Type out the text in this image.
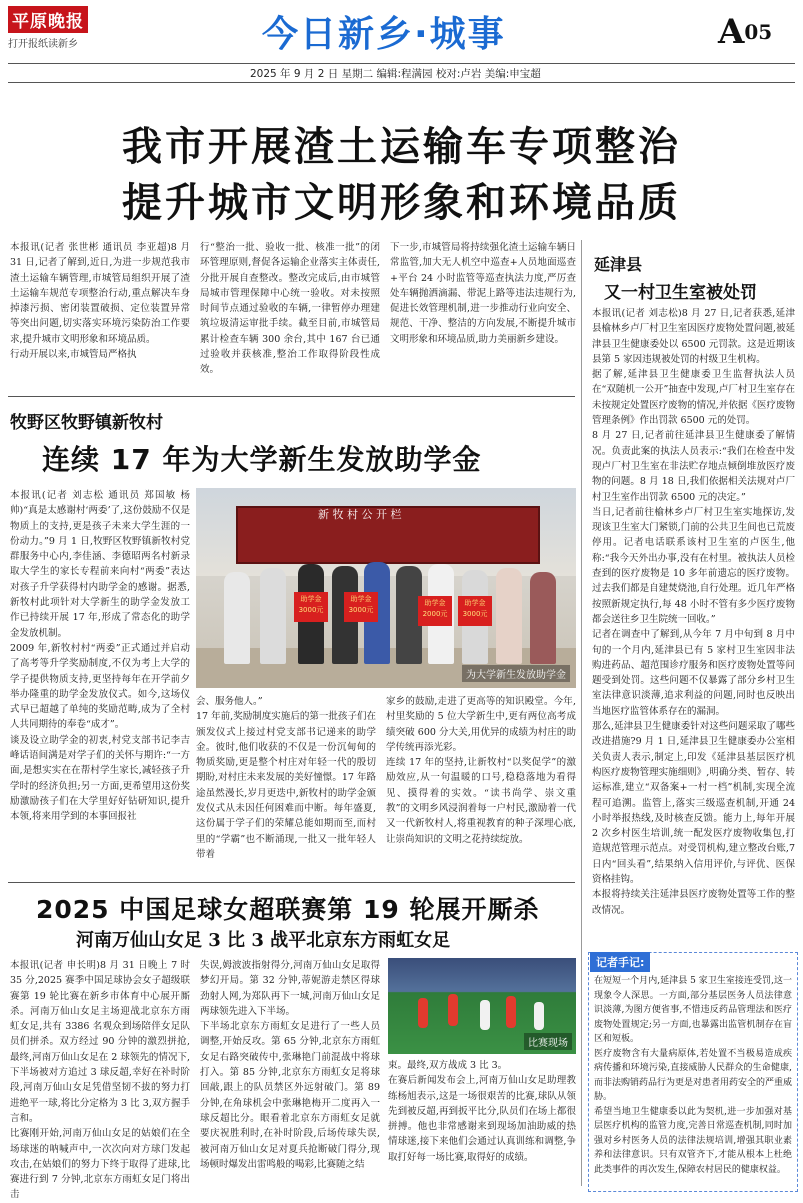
平原晚报
打开报纸读新乡	今日新乡·城事	A05
2025 年 9 月 2 日 星期二 编辑:程满园 校对:卢岩 美编:申宝超
我市开展渣土运输车专项整治
提升城市文明形象和环境品质
本报讯(记者 张世彬 通讯员 李亚超)8 月 31 日,记者了解到,近日,为进一步规范我市渣土运输车辆管理,市城管局组织开展了渣土运输车规范专项整治行动,重点解决车身掉漆污损、密闭装置破损、定位装置异常等突出问题,切实落实环境污染防治工作要求,提升城市文明形象和环境品质。
行动开展以来,市城管局严格执
行“整治一批、验收一批、核准一批”的闭环管理原则,督促各运输企业落实主体责任,分批开展自查整改。整改完成后,由市城管局城市管理保障中心统一验收。对未按照时间节点通过验收的车辆,一律暂停办理建筑垃圾清运审批手续。截至目前,市城管局累计检查车辆 300 余台,其中 167 台已通过验收并获核准,整治工作取得阶段性成效。
下一步,市城管局将持续强化渣土运输车辆日常监管,加大无人机空中巡查+人员地面巡查+平台 24 小时监管等巡查执法力度,严厉查处车辆抛洒滴漏、带泥上路等违法违规行为,促进长效管理机制,进一步推动行业向安全、规范、干净、整洁的方向发展,不断提升城市文明形象和环境品质,助力美丽新乡建设。
牧野区牧野镇新牧村
连续 17 年为大学新生发放助学金
本报讯(记者 刘志松 通讯员 郑国敏 杨帅)“真是太感谢村‘两委’了,这份鼓励不仅是物质上的支持,更是孩子未来大学生涯的一份动力。”9 月 1 日,牧野区牧野镇新牧村党群服务中心内,李佳涵、李德昭两名村新录取大学生的家长专程前来向村“两委”表达对孩子升学获得村内助学金的感谢。据悉,新牧村此项针对大学新生的助学金发放工作已持续开展 17 年,形成了常态化的助学金发放机制。
2009 年,新牧村村“两委”正式通过并启动了高考等升学奖励制度,不仅为考上大学的学子提供物质支持,更坚持每年在开学前夕举办隆重的助学金发放仪式。如今,这场仪式早已超越了单纯的奖励范畴,成为了全村人共同期待的奉卷“成才”。
谈及设立助学金的初衷,村党支部书记李吉峰话语间满是对学子们的关怀与期许:“一方面,是想实实在在帮村学生家长,减轻孩子升学时的经济负担;另一方面,更希望用这份奖励激励孩子们在大学里好好钻研知识,提升本领,将来用学到的本事回报社
新 牧 村 公 开 栏
助学金
3000元
助学金
3000元
助学金
2000元
助学金
3000元
为大学新生发放助学金
会、服务他人。”
17 年前,奖励制度实施后的第一批孩子们在颁发仪式上接过村党支部书记递来的助学金。彼时,他们收获的不仅是一份沉甸甸的物质奖励,更是整个村庄对年轻一代的殷切期盼,对村庄未来发展的美好憧憬。17 年路途虽然漫长,岁月更迭中,新牧村的助学金颁发仪式从未因任何困难而中断。每年盛夏,这份属于学子们的荣耀总能如期而至,而村里的“学霸”也不断涌现,一批又一批年轻人带着
家乡的鼓励,走进了更高等的知识殿堂。今年,村里奖励的 5 位大学新生中,更有两位高考成绩突破 600 分大关,用优异的成绩为村庄的助学传统再添光彩。
连续 17 年的坚持,让新牧村“以奖促学”的激励效应,从一句温暖的口号,稳稳落地为看得见、摸得着的实效。“读书尚学、崇文重教”的文明乡风浸润着每一户村民,激励着一代又一代新牧村人,将重视教育的种子深埋心底,让崇尚知识的文明之花持续绽放。
2025 中国足球女超联赛第 19 轮展开厮杀
河南万仙山女足 3 比 3 战平北京东方雨虹女足
本报讯(记者 申长明)8 月 31 日晚上 7 时 35 分,2025 赛季中国足球协会女子超级联赛第 19 轮比赛在新乡市体育中心展开厮杀。河南万仙山女足主场迎战北京东方雨虹女足,共有 3386 名观众到场陪伴女足队员们拼杀。双方经过 90 分钟的激烈拼抢,最终,河南万仙山女足在 2 球领先的情况下,下半场被对方追过 3 球反超,幸好在补时阶段,河南万仙山女足凭借坚韧不拔的努力打进绝平一球,将比分定格为 3 比 3,双方握手言和。
比赛刚开始,河南万仙山女足的姑娘们在全场球迷的呐喊声中,一次次向对方球门发起攻击,在姑娘们的努力下终于取得了进球,比赛进行到 7 分钟,北京东方雨虹女足门将出击
失误,姆波波指射得分,河南万仙山女足取得梦幻开局。第 32 分钟,蒂妮游走禁区得球劲射人网,为郑队再下一城,河南万仙山女足两球领先进入下半场。
下半场北京东方雨虹女足进行了一些人员调整,开始反攻。第 65 分钟,北京东方雨虹女足右路突破传中,张琳艳门前混战中将球打入。第 85 分钟,北京东方雨虹女足将球回敲,跟上的队员禁区外远射破门。第 89 分钟,在角球机会中张琳艳梅开二度再入一球反超比分。眼看着北京东方雨虹女足就要庆祝胜利时,在补时阶段,后场传球失误,被河南万仙山女足对夏兵抢断破门得分,现场顿时爆发出雷鸣般的喝彩,比赛随之结
比赛现场
束。最终,双方战成 3 比 3。
在赛后新闻发布会上,河南万仙山女足助理教练杨旭表示,这是一场很艰苦的比赛,球队从领先到被反超,再到扳平比分,队员们在场上都很拼搏。他也非常感谢来到现场加油助威的热情球迷,接下来他们会通过认真训练和调整,争取打好每一场比赛,取得好的成绩。
延津县
又一村卫生室被处罚
本报讯(记者 刘志松)8 月 27 日,记者获悉,延津县榆林乡卢厂村卫生室因医疗废物处置问题,被延津县卫生健康委处以 6500 元罚款。这是近期该县第 5 家因违规被处罚的村级卫生机构。
据了解,延津县卫生健康委卫生监督执法人员在“双随机一公开”抽查中发现,卢厂村卫生室存在未按规定处置医疗废物的情况,并依据《医疗废物管理条例》作出罚款 6500 元的处罚。
8 月 27 日,记者前往延津县卫生健康委了解情况。负责此案的执法人员表示:“我们在检查中发现卢厂村卫生室在非法贮存地点倾倒堆放医疗废物的问题。8 月 18 日,我们依据相关法规对卢厂村卫生室作出罚款 6500 元的决定。”
当日,记者前往榆林乡卢厂村卫生室实地探访,发现该卫生室大门紧锁,门前的公共卫生间也已荒废停用。记者电话联系该村卫生室的卢医生,他称:“我今天外出办事,没有在村里。被执法人员检查到的医疗废物是 10 多年前遗忘的医疗废物。过去我们都是自建焚烧池,自行处理。近几年严格按照新规定执行,每 48 小时不管有多少医疗废物都会送往乡卫生院统一回收。”
记者在调查中了解到,从今年 7 月中旬到 8 月中旬的一个月内,延津县已有 5 家村卫生室因非法购进药品、超范围诊疗服务和医疗废物处置等问题受到处罚。这些问题不仅暴露了部分乡村卫生室法律意识淡薄,追求利益的问题,同时也反映出当地医疗监管体系存在的漏洞。
那么,延津县卫生健康委针对这些问题采取了哪些改进措施?9 月 1 日,延津县卫生健康委办公室相关负责人表示,制定上,印发《延津县基层医疗机构医疗废物管理实施细则》,明确分类、暂存、转运标准,建立“双备案+一村一档”机制,实现全流程可追溯。监管上,落实三级巡查机制,开通 24 小时举报热线,及时核查反馈。能力上,每年开展 2 次乡村医生培训,统一配发医疗废物收集包,打造规范管理示范点。对受罚机构,建立整改台账,7 日内“回头看”,结果纳入信用评价,与评优、医保资格挂钩。
本报将持续关注延津县医疗废物处置等工作的整改情况。
记者手记:
在短短一个月内,延津县 5 家卫生室接连受罚,这一现象令人深思。一方面,部分基层医务人员法律意识淡薄,为图方便省事,不惜违反药品管理法和医疗废物处置规定;另一方面,也暴露出监管机制存在盲区和短板。
医疗废物含有大量病原体,若处置不当极易造成疾病传播和环境污染,直接威胁人民群众的生命健康,而非法购销药品行为更是对患者用药安全的严重威胁。
希望当地卫生健康委以此为契机,进一步加强对基层医疗机构的监管力度,完善日常巡查机制,同时加强对乡村医务人员的法律法规培训,增强其职业素养和法律意识。只有双管齐下,才能从根本上杜绝此类事件的再次发生,保障农村居民的健康权益。
